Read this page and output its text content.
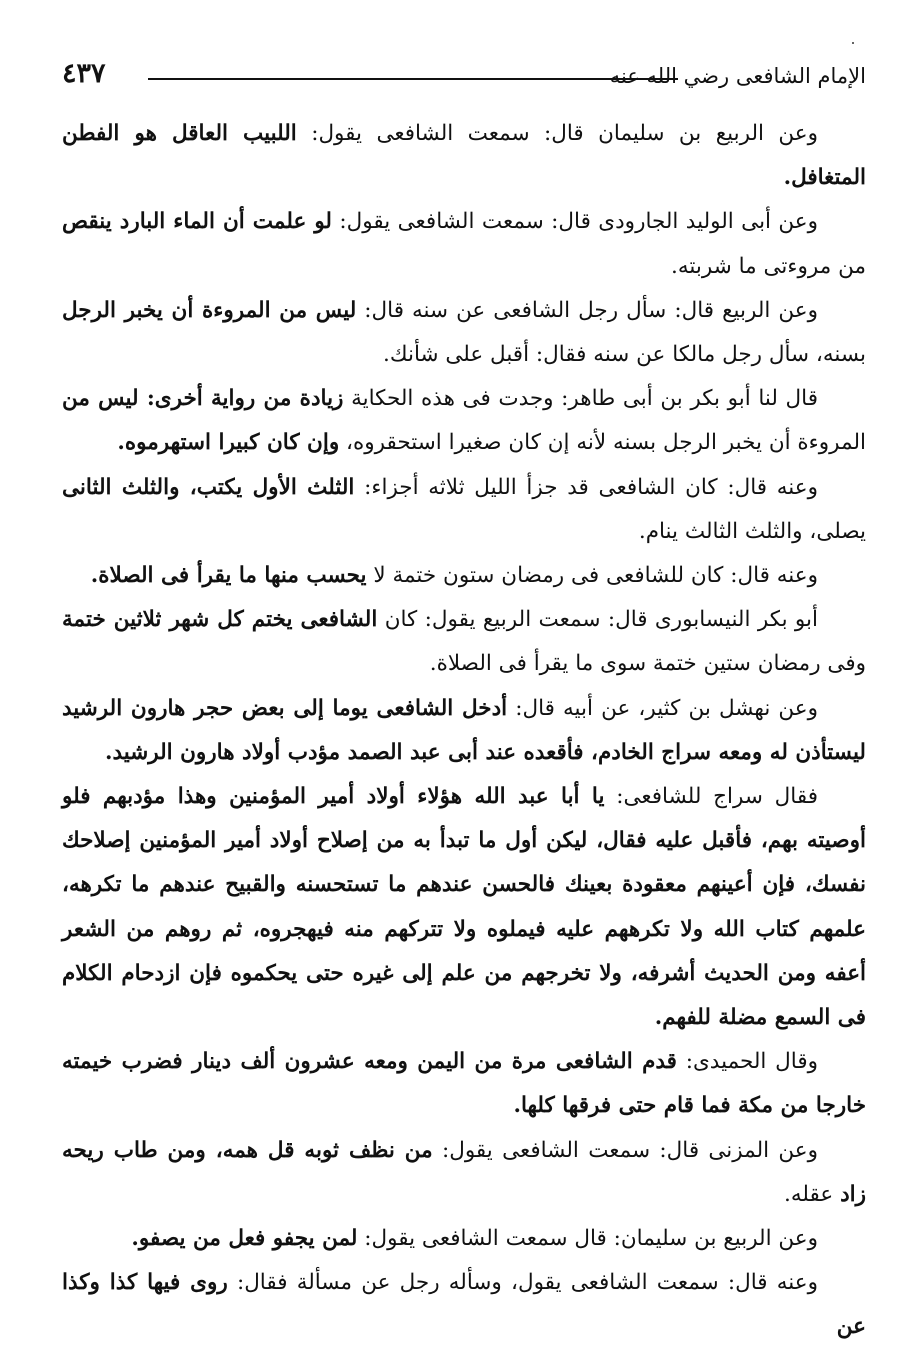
الإمام الشافعى رضي الله عنه
٤٣٧

وعن الربيع بن سليمان قال: سمعت الشافعى يقول: اللبيب العاقل هو الفطن المتغافل.

وعن أبى الوليد الجارودى قال: سمعت الشافعى يقول: لو علمت أن الماء البارد ينقص من مروءتى ما شربته.

وعن الربيع قال: سأل رجل الشافعى عن سنه قال: ليس من المروءة أن يخبر الرجل بسنه، سأل رجل مالكا عن سنه فقال: أقبل على شأنك.

قال لنا أبو بكر بن أبى طاهر: وجدت فى هذه الحكاية زيادة من رواية أخرى: ليس من المروءة أن يخبر الرجل بسنه لأنه إن كان صغيرا استحقروه، وإن كان كبيرا استهرموه.

وعنه قال: كان الشافعى قد جزأ الليل ثلاثه أجزاء: الثلث الأول يكتب، والثلث الثانى يصلى، والثلث الثالث ينام.

وعنه قال: كان للشافعى فى رمضان ستون ختمة لا يحسب منها ما يقرأ فى الصلاة.

أبو بكر النيسابورى قال: سمعت الربيع يقول: كان الشافعى يختم كل شهر ثلاثين ختمة وفى رمضان ستين ختمة سوى ما يقرأ فى الصلاة.

وعن نهشل بن كثير، عن أبيه قال: أدخل الشافعى يوما إلى بعض حجر هارون الرشيد ليستأذن له ومعه سراج الخادم، فأقعده عند أبى عبد الصمد مؤدب أولاد هارون الرشيد.

فقال سراج للشافعى: يا أبا عبد الله هؤلاء أولاد أمير المؤمنين وهذا مؤدبهم فلو أوصيته بهم، فأقبل عليه فقال، لیکن أول ما تبدأ به من إصلاح أولاد أمير المؤمنين إصلاحك نفسك، فإن أعينهم معقودة بعينك فالحسن عندهم ما تستحسنه والقبيح عندهم ما تكرهه، علمهم كتاب الله ولا تكرههم عليه فيملوه ولا تتركهم منه فيهجروه، ثم روهم من الشعر أعفه ومن الحديث أشرفه، ولا تخرجهم من علم إلى غيره حتى يحكموه فإن ازدحام الكلام فى السمع مضلة للفهم.

وقال الحميدى: قدم الشافعى مرة من اليمن ومعه عشرون ألف دينار فضرب خيمته خارجا من مكة فما قام حتى فرقها كلها.

وعن المزنى قال: سمعت الشافعى يقول: من نظف ثوبه قل همه، ومن طاب ريحه زاد عقله.

وعن الربيع بن سليمان: قال سمعت الشافعى يقول: لمن يجفو فعل من يصفو.

وعنه قال: سمعت الشافعى يقول، وسأله رجل عن مسألة فقال: روى فيها كذا وكذا عن
